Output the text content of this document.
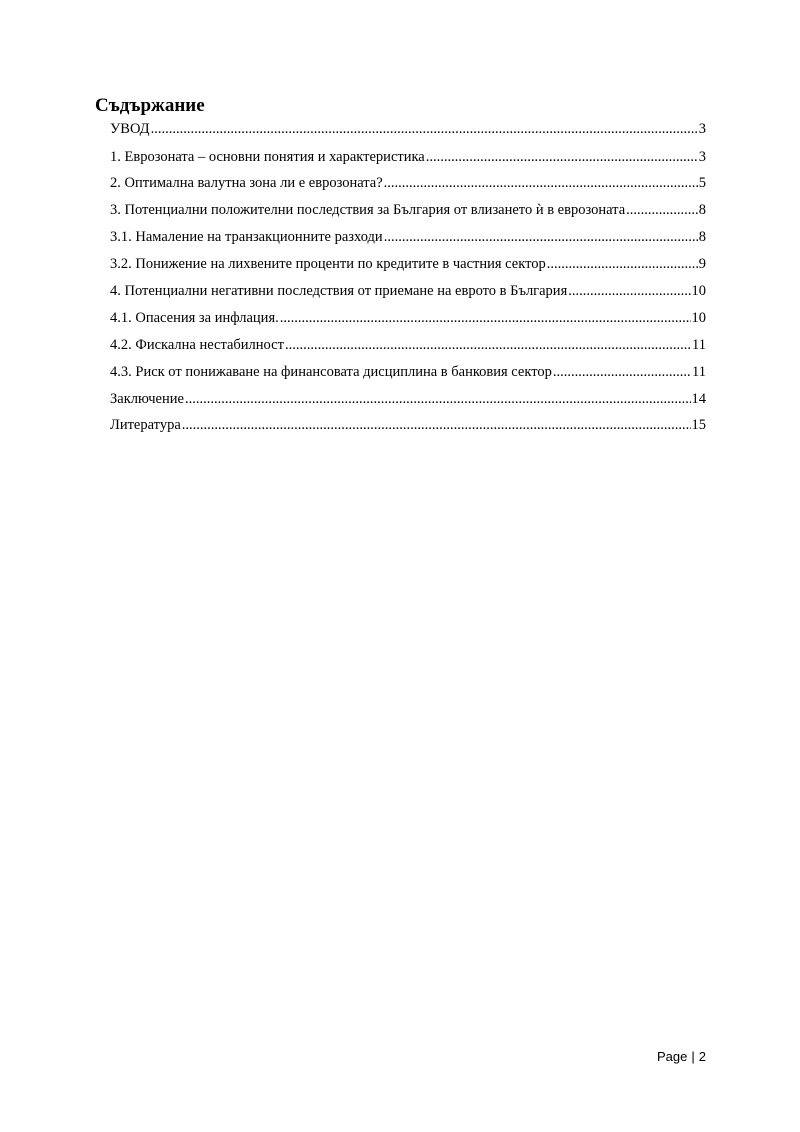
Съдържание
УВОД .....	3
1. Еврозоната – основни понятия и характеристика .....	3
2. Оптимална валутна зона ли е еврозоната? .....	5
3. Потенциални положителни последствия за България от влизането ѝ в еврозоната .....	8
3.1. Намаление на транзакционните разходи .....	8
3.2. Понижение на лихвените проценти по кредитите в частния сектор .....	9
4. Потенциални негативни последствия от приемане на еврото в България .....	10
4.1. Опасения за инфлация. .....	10
4.2. Фискална нестабилност .....	11
4.3. Риск от понижаване на финансовата дисциплина в банковия сектор .....	11
Заключение .....	14
Литература .....	15
Page | 2
